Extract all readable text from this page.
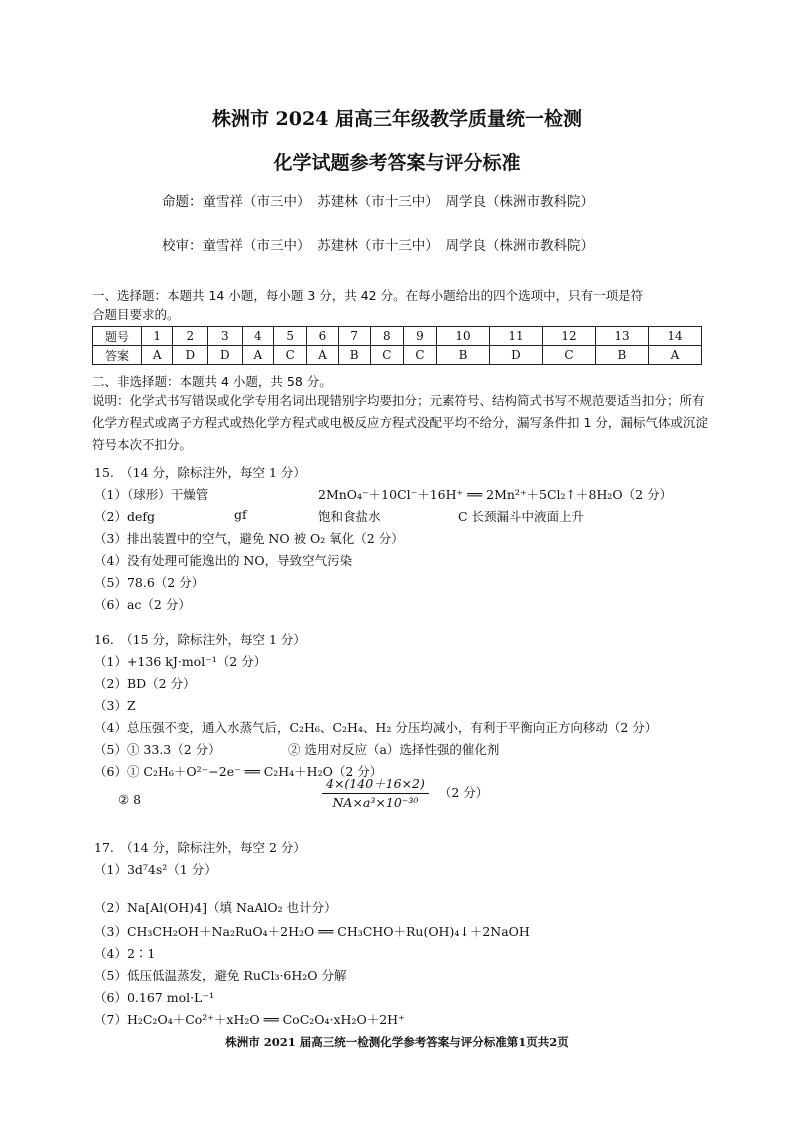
株洲市 2024 届高三年级教学质量统一检测
化学试题参考答案与评分标准
命题：童雪祥（市三中）　苏建林（市十三中）　周学良（株洲市教科院）
校审：童雪祥（市三中）　苏建林（市十三中）　周学良（株洲市教科院）
一、选择题：本题共 14 小题，每小题 3 分，共 42 分。在每小题给出的四个选项中，只有一项是符
合题目要求的。
题号	1	2	3	4	5	6	7	8	9	10	11	12	13	14
答案	A	D	D	A	C	A	B	C	C	B	D	C	B	A
二、非选择题：本题共 4 小题，共 58 分。
说明：化学式书写错误或化学专用名词出现错别字均要扣分；元素符号、结构简式书写不规范要适当扣分；所有化学方程式或离子方程式或热化学方程式或电极反应方程式没配平均不给分，漏写条件扣 1 分，漏标气体或沉淀符号本次不扣分。
15.　（14 分，除标注外，每空 1 分）
（1）（球形）干燥管	2MnO₄⁻＋10Cl⁻＋16H⁺ ══ 2Mn²⁺＋5Cl₂↑＋8H₂O（2 分）
（2）defg	gf	饱和食盐水	C 长颈漏斗中液面上升
（3）排出装置中的空气，避免 NO 被 O₂ 氧化（2 分）
（4）没有处理可能逸出的 NO，导致空气污染
（5）78.6（2 分）
（6）ac（2 分）
16.　（15 分，除标注外，每空 1 分）
（1）+136 kJ·mol⁻¹（2 分）
（2）BD（2 分）
（3）Z
（4）总压强不变，通入水蒸气后，C₂H₆、C₂H₄、H₂ 分压均减小，有利于平衡向正方向移动（2 分）
（5）① 33.3（2 分）	② 选用对反应（a）选择性强的催化剂
（6）① C₂H₆＋O²⁻−2e⁻ ══ C₂H₄＋H₂O（2 分）
② 8	$\frac{4\times(140+16\times 2)}{\text{NA×a³×10⁻³⁰}} (2$ 分）
17.　（14 分，除标注外，每空 2 分）
（1）3d⁷4s²（1 分）
（2）Na[Al(OH)4]（填 NaAlO₂ 也计分）
（3）CH₃CH₂OH＋Na₂RuO₄＋2H₂O ══ CH₃CHO＋Ru(OH)₄↓＋2NaOH
（4）2∶1
（5）低压低温蒸发，避免 RuCl₃·6H₂O 分解
（6）0.167 mol·L⁻¹
（7）H₂C₂O₄＋Co²⁺＋xH₂O ══ CoC₂O₄·xH₂O＋2H⁺
株洲市 2021 届高三统一检测化学参考答案与评分标准第1页共2页
